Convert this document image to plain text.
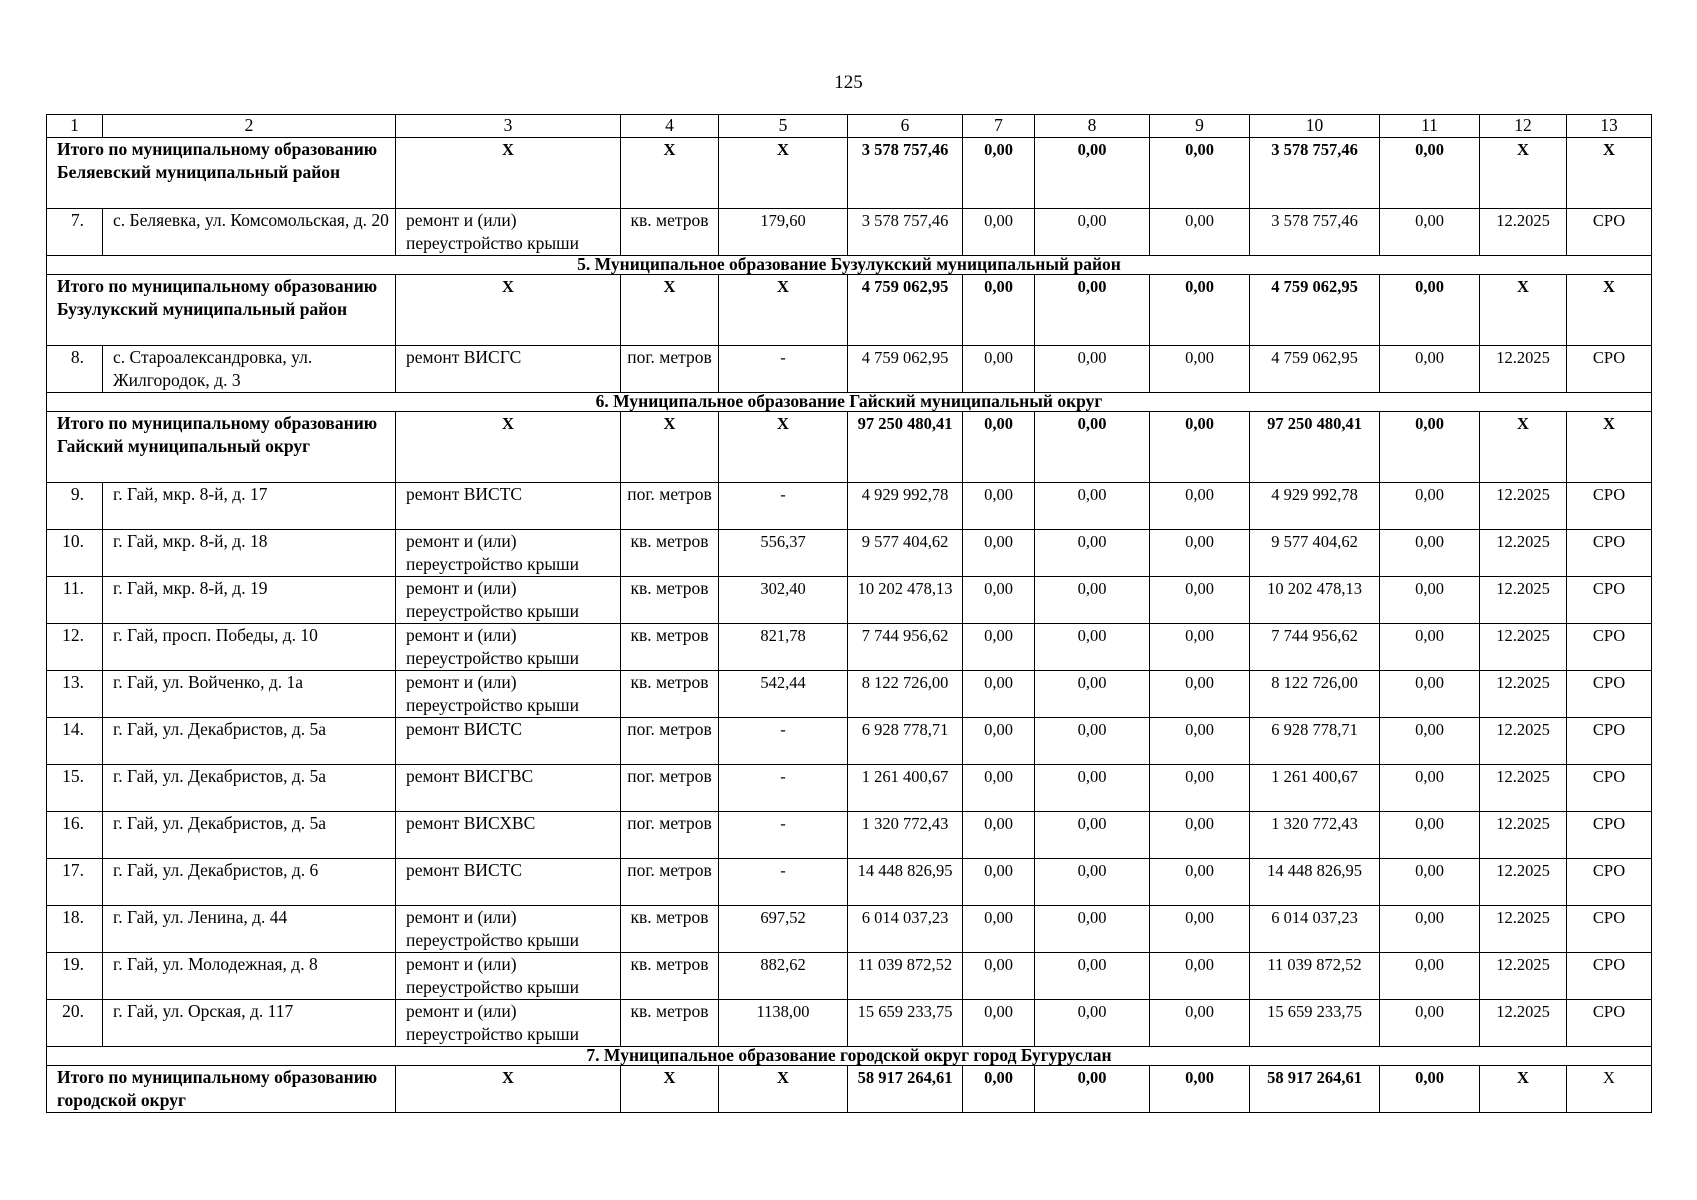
125
1	2	3	4	5	6	7	8	9	10	11	12	13
Итого по муниципальному образованию Беляевский муниципальный район		Х	Х	Х	3 578 757,46	0,00	0,00	0,00	3 578 757,46	0,00	Х	Х
7.	с. Беляевка, ул. Комсомольская, д. 20	ремонт и (или) переустройство крыши	кв. метров	179,60	3 578 757,46	0,00	0,00	0,00	3 578 757,46	0,00	12.2025	СРО
5. Муниципальное образование Бузулукский муниципальный район												
Итого по муниципальному образованию Бузулукский муниципальный район		Х	Х	Х	4 759 062,95	0,00	0,00	0,00	4 759 062,95	0,00	Х	Х
8.	с. Староалександровка, ул. Жилгородок, д. 3	ремонт ВИСГС	пог. метров	-	4 759 062,95	0,00	0,00	0,00	4 759 062,95	0,00	12.2025	СРО
6. Муниципальное образование Гайский муниципальный округ												
Итого по муниципальному образованию Гайский муниципальный округ		Х	Х	Х	97 250 480,41	0,00	0,00	0,00	97 250 480,41	0,00	Х	Х
9.	г. Гай, мкр. 8-й, д. 17	ремонт ВИСТС	пог. метров	-	4 929 992,78	0,00	0,00	0,00	4 929 992,78	0,00	12.2025	СРО
10.	г. Гай, мкр. 8-й, д. 18	ремонт и (или) переустройство крыши	кв. метров	556,37	9 577 404,62	0,00	0,00	0,00	9 577 404,62	0,00	12.2025	СРО
11.	г. Гай, мкр. 8-й, д. 19	ремонт и (или) переустройство крыши	кв. метров	302,40	10 202 478,13	0,00	0,00	0,00	10 202 478,13	0,00	12.2025	СРО
12.	г. Гай, просп. Победы, д. 10	ремонт и (или) переустройство крыши	кв. метров	821,78	7 744 956,62	0,00	0,00	0,00	7 744 956,62	0,00	12.2025	СРО
13.	г. Гай, ул. Войченко, д. 1а	ремонт и (или) переустройство крыши	кв. метров	542,44	8 122 726,00	0,00	0,00	0,00	8 122 726,00	0,00	12.2025	СРО
14.	г. Гай, ул. Декабристов, д. 5а	ремонт ВИСТС	пог. метров	-	6 928 778,71	0,00	0,00	0,00	6 928 778,71	0,00	12.2025	СРО
15.	г. Гай, ул. Декабристов, д. 5а	ремонт ВИСГВС	пог. метров	-	1 261 400,67	0,00	0,00	0,00	1 261 400,67	0,00	12.2025	СРО
16.	г. Гай, ул. Декабристов, д. 5а	ремонт ВИСХВС	пог. метров	-	1 320 772,43	0,00	0,00	0,00	1 320 772,43	0,00	12.2025	СРО
17.	г. Гай, ул. Декабристов, д. 6	ремонт ВИСТС	пог. метров	-	14 448 826,95	0,00	0,00	0,00	14 448 826,95	0,00	12.2025	СРО
18.	г. Гай, ул. Ленина, д. 44	ремонт и (или) переустройство крыши	кв. метров	697,52	6 014 037,23	0,00	0,00	0,00	6 014 037,23	0,00	12.2025	СРО
19.	г. Гай, ул. Молодежная, д. 8	ремонт и (или) переустройство крыши	кв. метров	882,62	11 039 872,52	0,00	0,00	0,00	11 039 872,52	0,00	12.2025	СРО
20.	г. Гай, ул. Орская, д. 117	ремонт и (или) переустройство крыши	кв. метров	1138,00	15 659 233,75	0,00	0,00	0,00	15 659 233,75	0,00	12.2025	СРО
7. Муниципальное образование городской округ город Бугуруслан												
Итого по муниципальному образованию городской округ		Х	Х	Х	58 917 264,61	0,00	0,00	0,00	58 917 264,61	0,00	Х	Х
